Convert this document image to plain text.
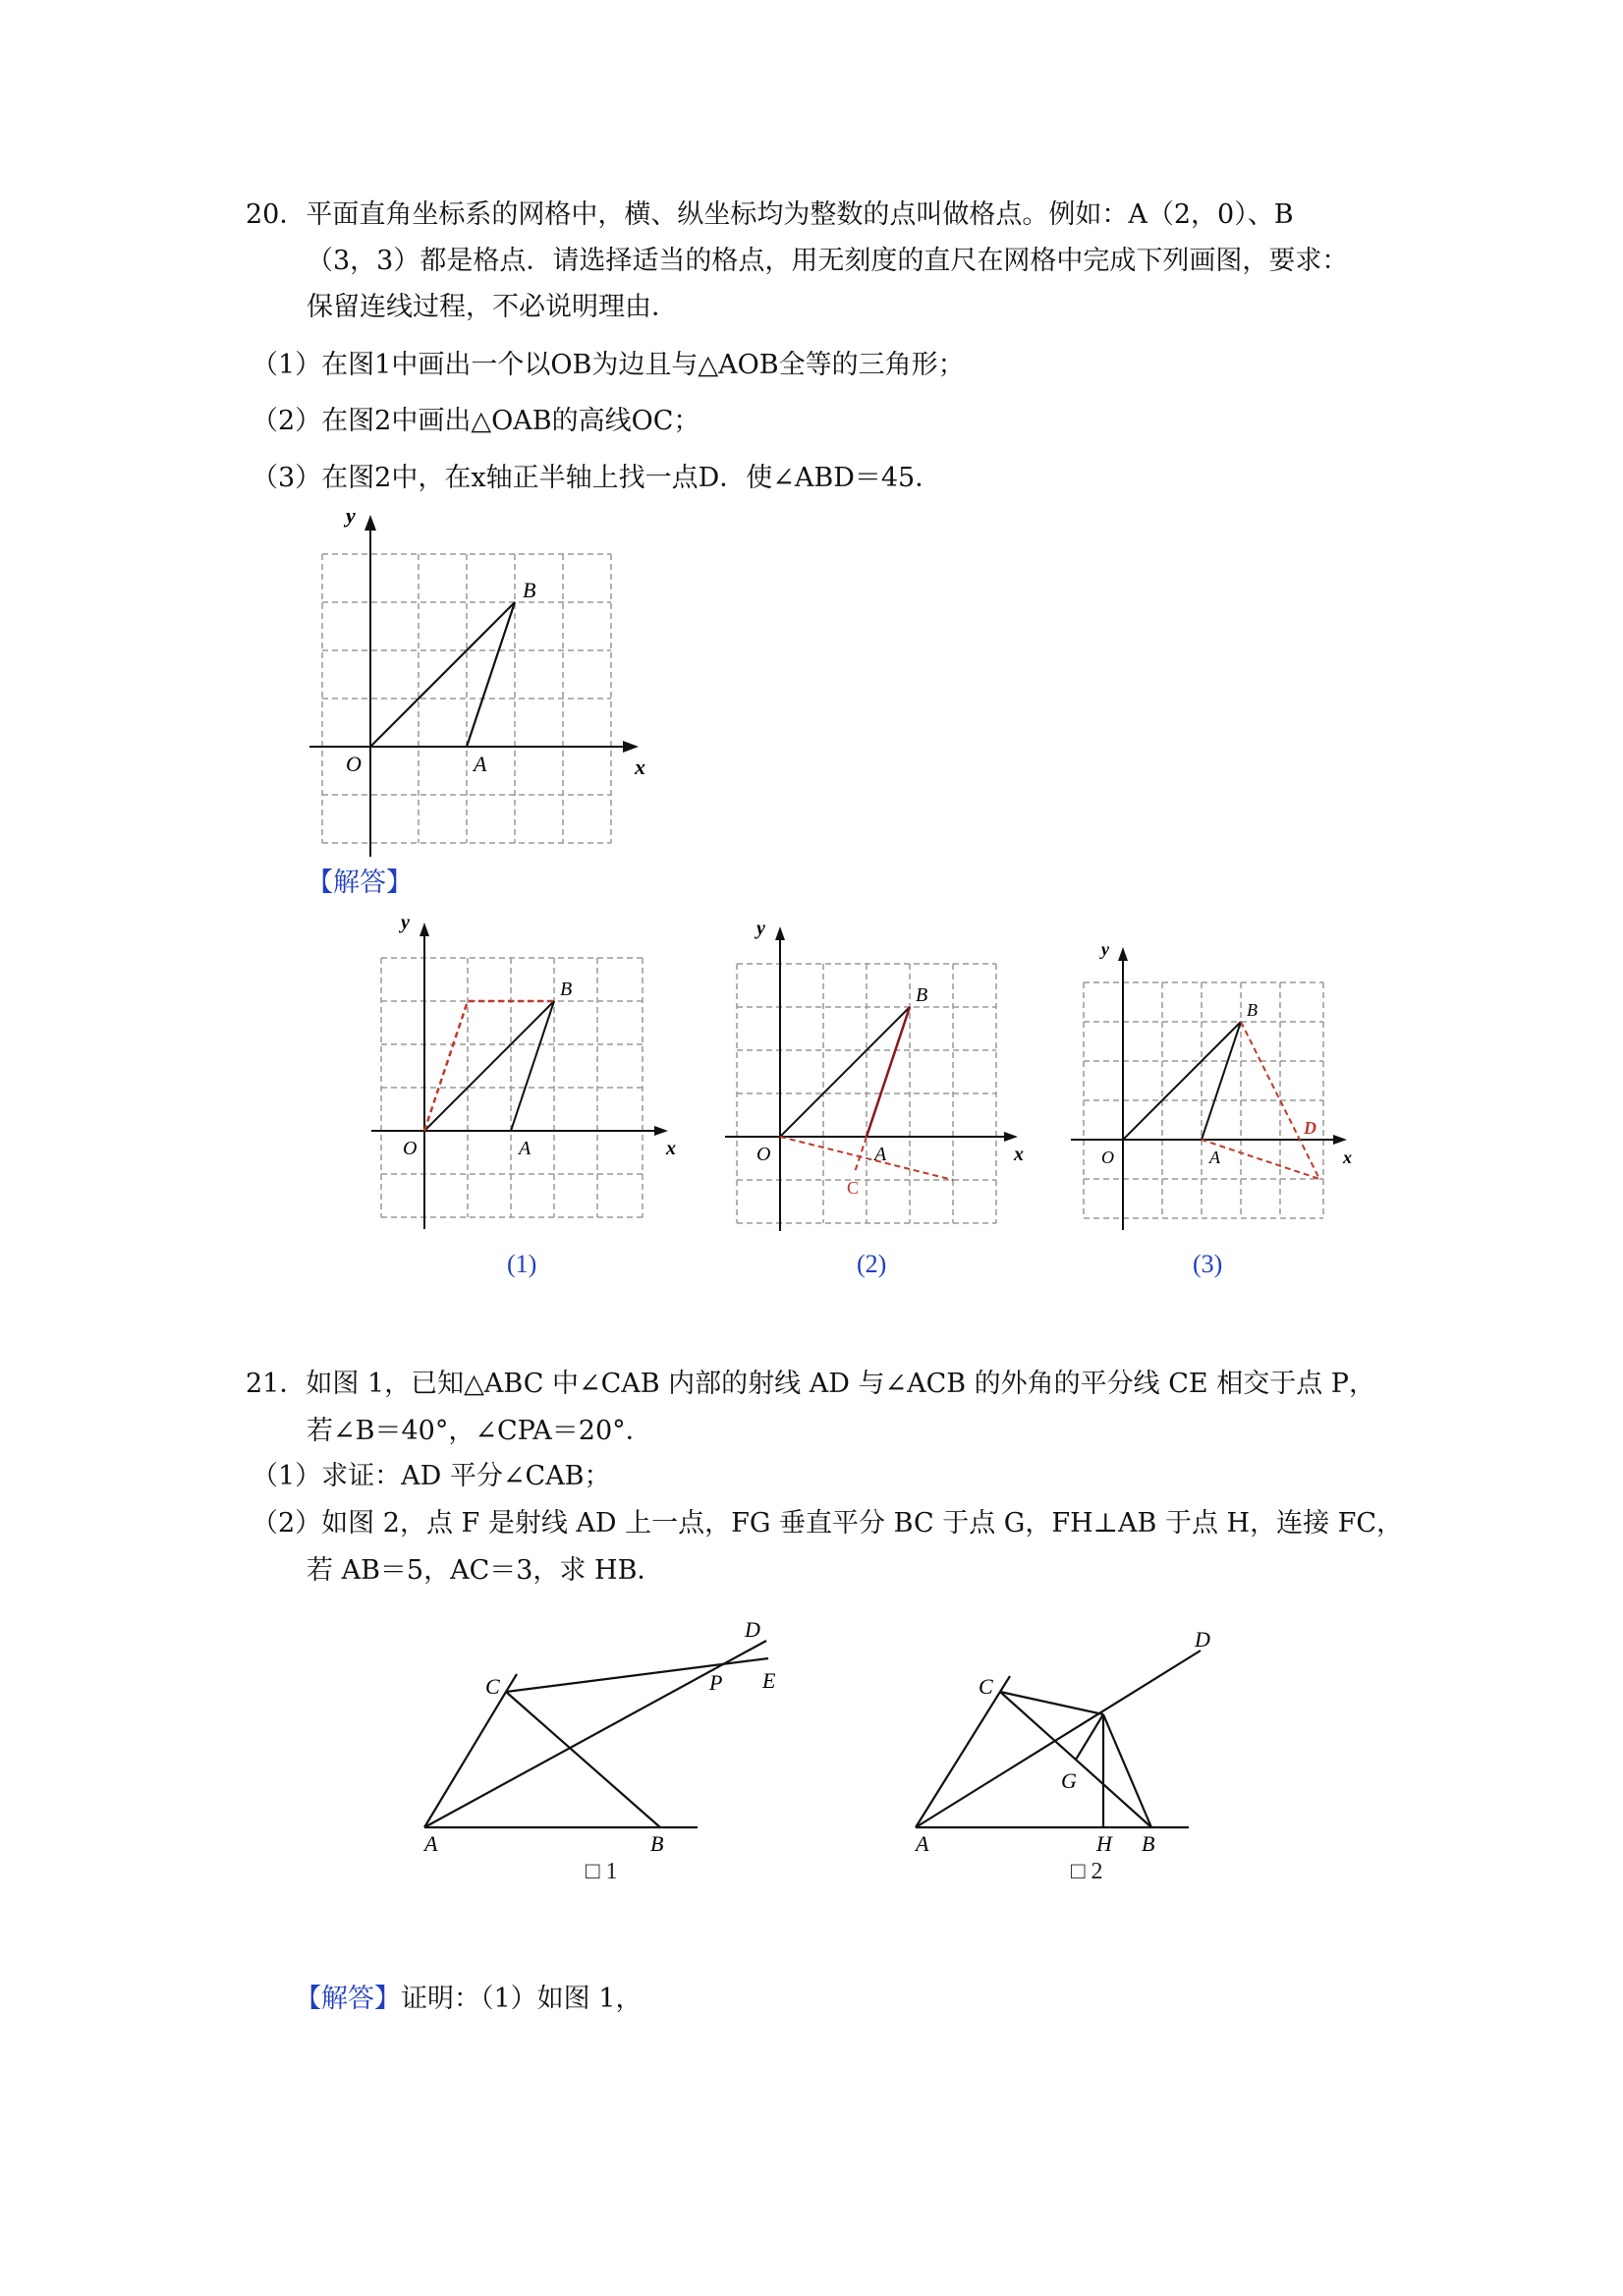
20．平面直角坐标系的网格中，横、纵坐标均为整数的点叫做格点。例如：A（2，0）、B
（3，3）都是格点．请选择适当的格点，用无刻度的直尺在网格中完成下列画图，要求：
保留连线过程，不必说明理由．
（1）在图1中画出一个以OB为边且与△AOB全等的三角形；
（2）在图2中画出△OAB的高线OC；
（3）在图2中，在x轴正半轴上找一点D．使∠ABD＝45．
y
x
O	A
B
【解答】
y
x
O	A
B
y
x
O	A
B
C
y
x
O	A
B
D
(1)	(2)	(3)
21．如图 1，已知△ABC 中∠CAB 内部的射线 AD 与∠ACB 的外角的平分线 CE 相交于点 P，
若∠B＝40°，∠CPA＝20°．
（1）求证：AD 平分∠CAB；
（2）如图 2，点 F 是射线 AD 上一点，FG 垂直平分 BC 于点 G，FH⊥AB 于点 H，连接 FC，
若 AB＝5，AC＝3，求 HB．
A	B
C
D
E
P
□ 1
A	B
C
D
G
H
□ 2
【解答】证明：（1）如图 1，
